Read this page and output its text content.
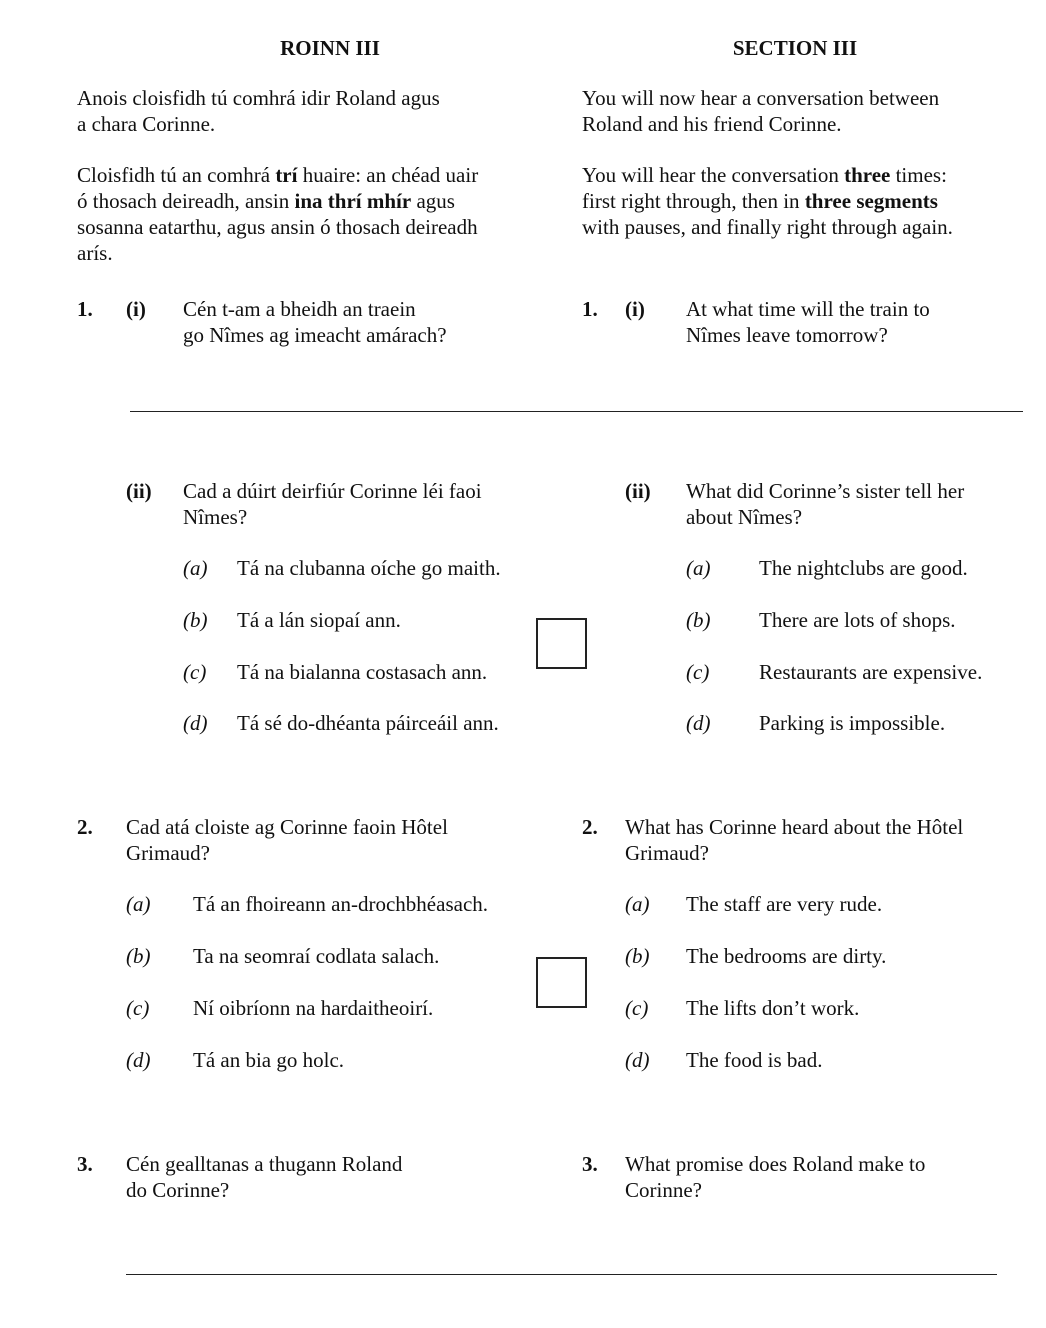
ROINN III	SECTION III
Anois cloisfidh tú comhrá idir Roland agus
a chara Corinne.
You will now hear a conversation between
Roland and his friend Corinne.
Cloisfidh tú an comhrá trí huaire: an chéad uair
ó thosach deireadh, ansin ina thrí mhír agus
sosanna eatarthu, agus ansin ó thosach deireadh
arís.
You will hear the conversation three times:
first right through, then in three segments
with pauses, and finally right through again.
1. (i) Cén t-am a bheidh an traein
go Nîmes ag imeacht amárach?
1. (i) At what time will the train to
Nîmes leave tomorrow?
(ii) Cad a dúirt deirfiúr Corinne léi faoi
Nîmes?
(ii) What did Corinne’s sister tell her
about Nîmes?
(a) Tá na clubanna oíche go maith.	(a) The nightclubs are good.
(b) Tá a lán siopaí ann.	(b) There are lots of shops.
(c) Tá na bialanna costasach ann.	(c) Restaurants are expensive.
(d) Tá sé do-dhéanta páirceáil ann.	(d) Parking is impossible.
2. Cad atá cloiste ag Corinne faoin Hôtel
Grimaud?
2. What has Corinne heard about the Hôtel
Grimaud?
(a) Tá an fhoireann an-drochbhéasach.	(a) The staff are very rude.
(b) Ta na seomraí codlata salach.	(b) The bedrooms are dirty.
(c) Ní oibríonn na hardaitheoirí.	(c) The lifts don’t work.
(d) Tá an bia go holc.	(d) The food is bad.
3. Cén gealltanas a thugann Roland
do Corinne?
3. What promise does Roland make to
Corinne?
